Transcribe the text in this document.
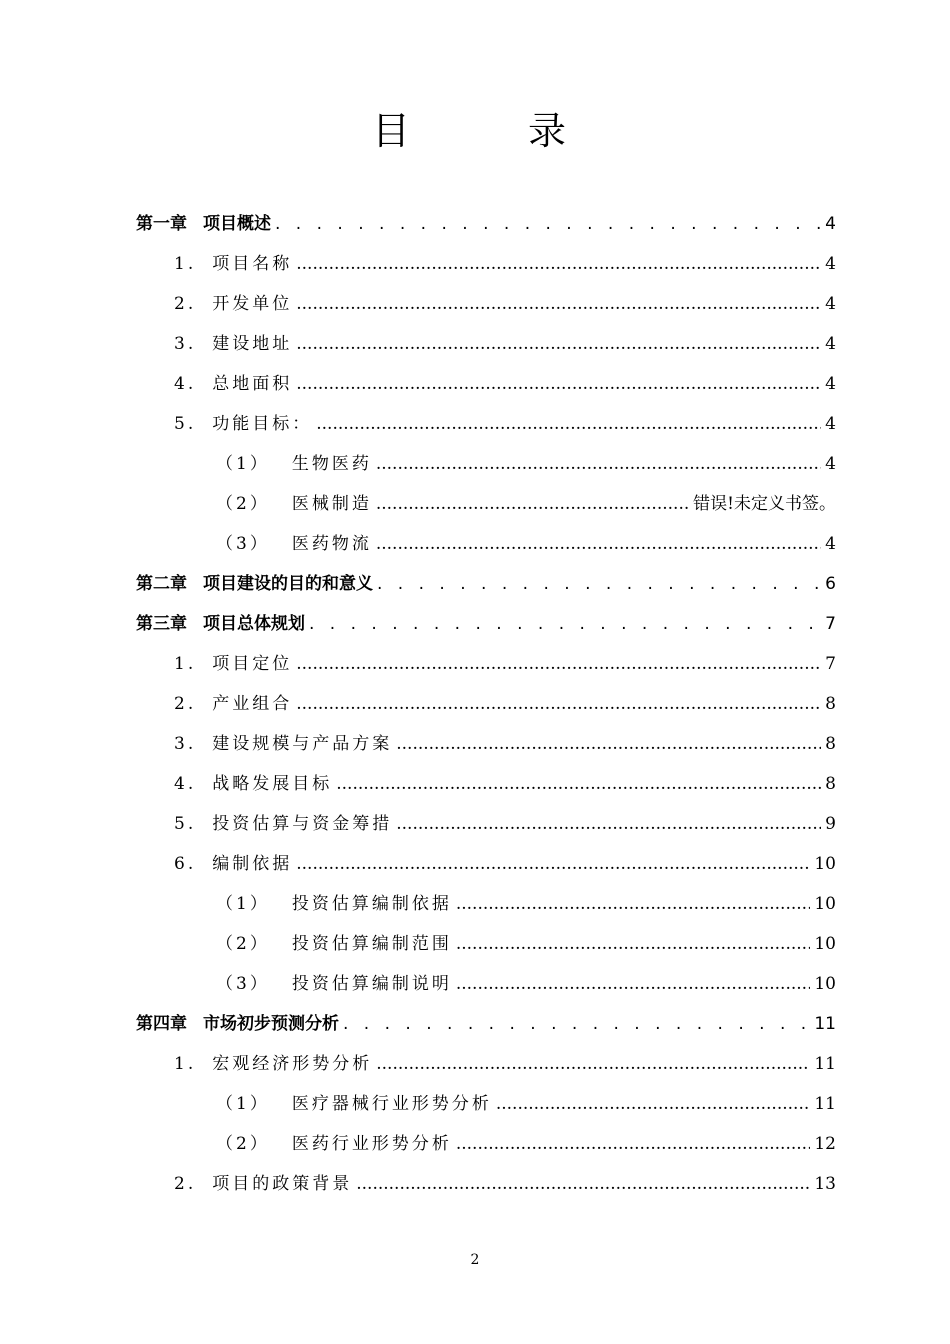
目　录
第一章 项目概述 . . .	4
1. 项目名称 .....	4
2. 开发单位 .....	4
3. 建设地址 .....	4
4. 总地面积 .....	4
5. 功能目标： .....	4
（1） 生物医药 .....	4
（2） 医械制造 .....	错误!未定义书签。
（3） 医药物流 .....	4
第二章 项目建设的目的和意义 . . .	6
第三章 项目总体规划 . . .	7
1. 项目定位 .....	7
2. 产业组合 .....	8
3. 建设规模与产品方案 .....	8
4. 战略发展目标 .....	8
5. 投资估算与资金筹措 .....	9
6. 编制依据 .....	10
（1） 投资估算编制依据 .....	10
（2） 投资估算编制范围 .....	10
（3） 投资估算编制说明 .....	10
第四章 市场初步预测分析 . . .	11
1. 宏观经济形势分析 .....	11
（1） 医疗器械行业形势分析 .....	11
（2） 医药行业形势分析 .....	12
2. 项目的政策背景 .....	13
2
